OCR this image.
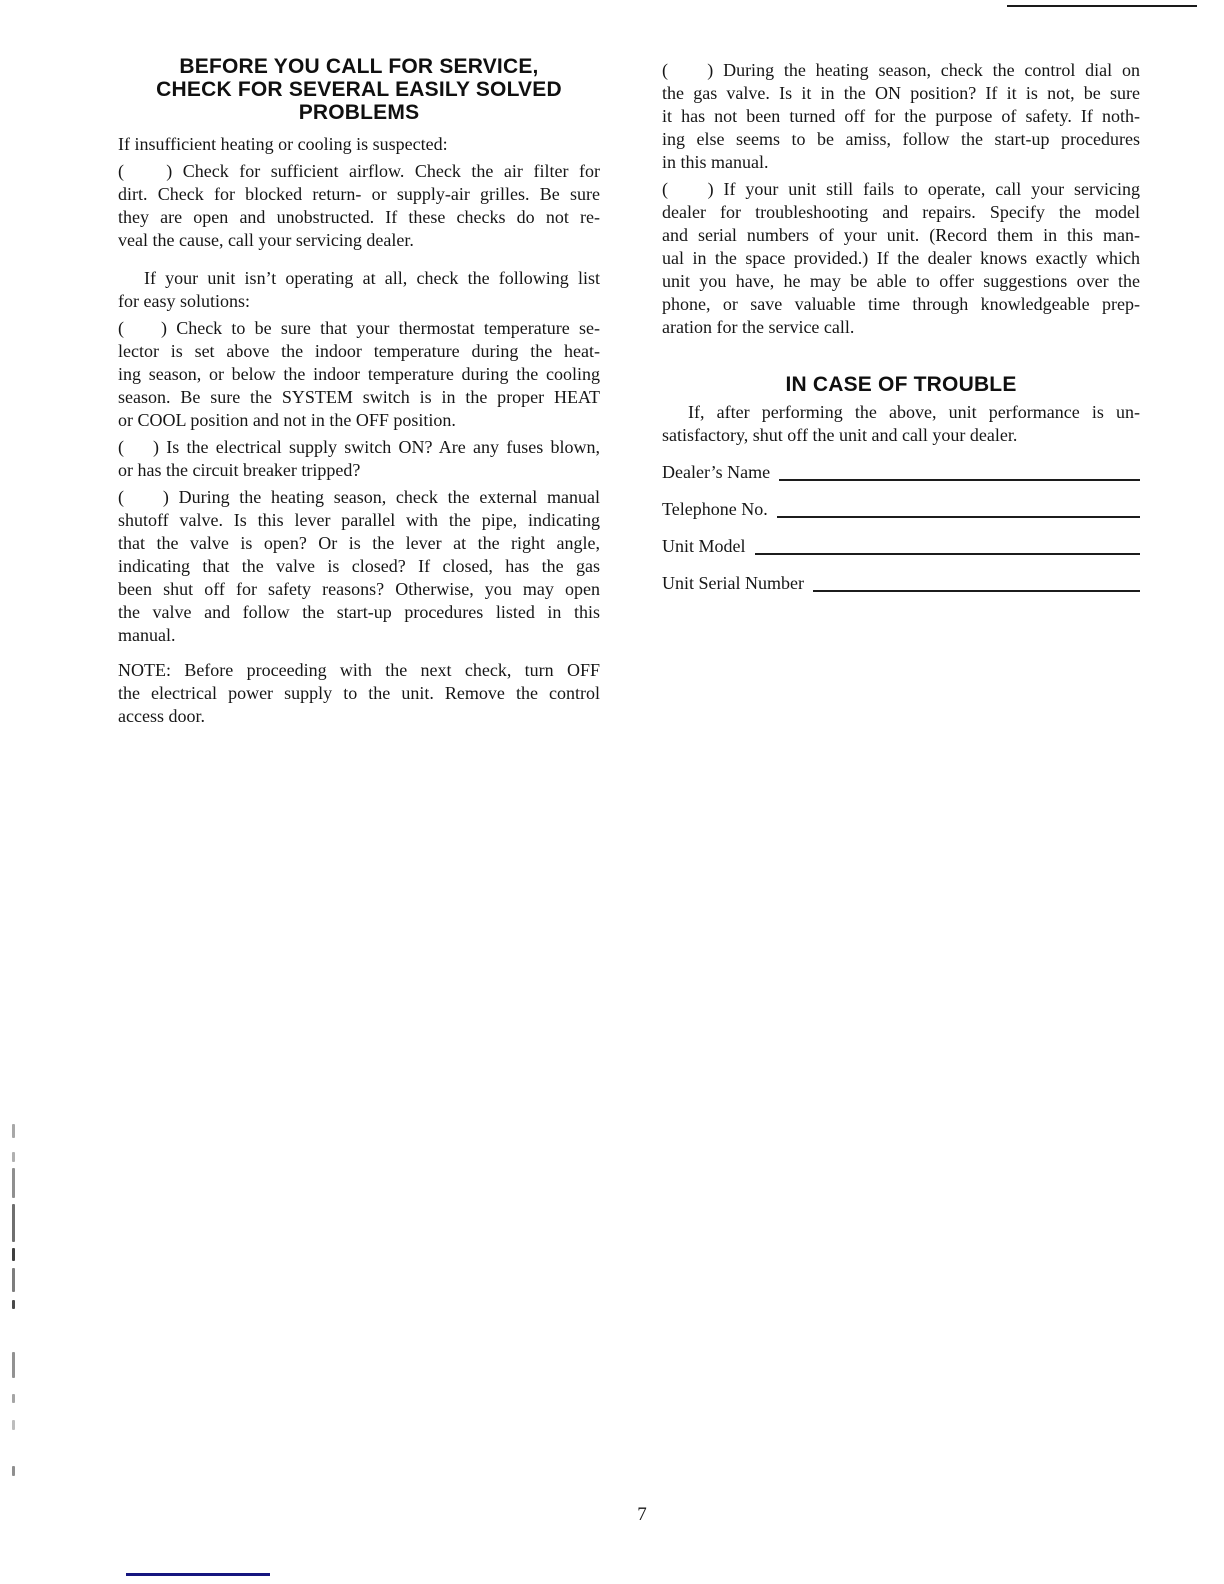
BEFORE YOU CALL FOR SERVICE,
CHECK FOR SEVERAL EASILY SOLVED
PROBLEMS
If insufficient heating or cooling is suspected:
(    ) Check for sufficient airflow. Check the air filter for
dirt. Check for blocked return- or supply-air grilles. Be sure
they are open and unobstructed. If these checks do not re-
veal the cause, call your servicing dealer.
If your unit isn’t operating at all, check the following list
for easy solutions:
(    ) Check to be sure that your thermostat temperature se-
lector is set above the indoor temperature during the heat-
ing season, or below the indoor temperature during the cooling
season. Be sure the SYSTEM switch is in the proper HEAT
or COOL position and not in the OFF position.
(    ) Is the electrical supply switch ON? Are any fuses blown,
or has the circuit breaker tripped?
(    ) During the heating season, check the external manual
shutoff valve. Is this lever parallel with the pipe, indicating
that the valve is open? Or is the lever at the right angle,
indicating that the valve is closed? If closed, has the gas
been shut off for safety reasons? Otherwise, you may open
the valve and follow the start-up procedures listed in this
manual.
NOTE: Before proceeding with the next check, turn OFF
the electrical power supply to the unit. Remove the control
access door.
(    ) During the heating season, check the control dial on
the gas valve. Is it in the ON position? If it is not, be sure
it has not been turned off for the purpose of safety. If noth-
ing else seems to be amiss, follow the start-up procedures
in this manual.
(    ) If your unit still fails to operate, call your servicing
dealer for troubleshooting and repairs. Specify the model
and serial numbers of your unit. (Record them in this man-
ual in the space provided.) If the dealer knows exactly which
unit you have, he may be able to offer suggestions over the
phone, or save valuable time through knowledgeable prep-
aration for the service call.
IN CASE OF TROUBLE
If, after performing the above, unit performance is un-
satisfactory, shut off the unit and call your dealer.
Dealer’s Name
Telephone No.
Unit Model
Unit Serial Number
7
